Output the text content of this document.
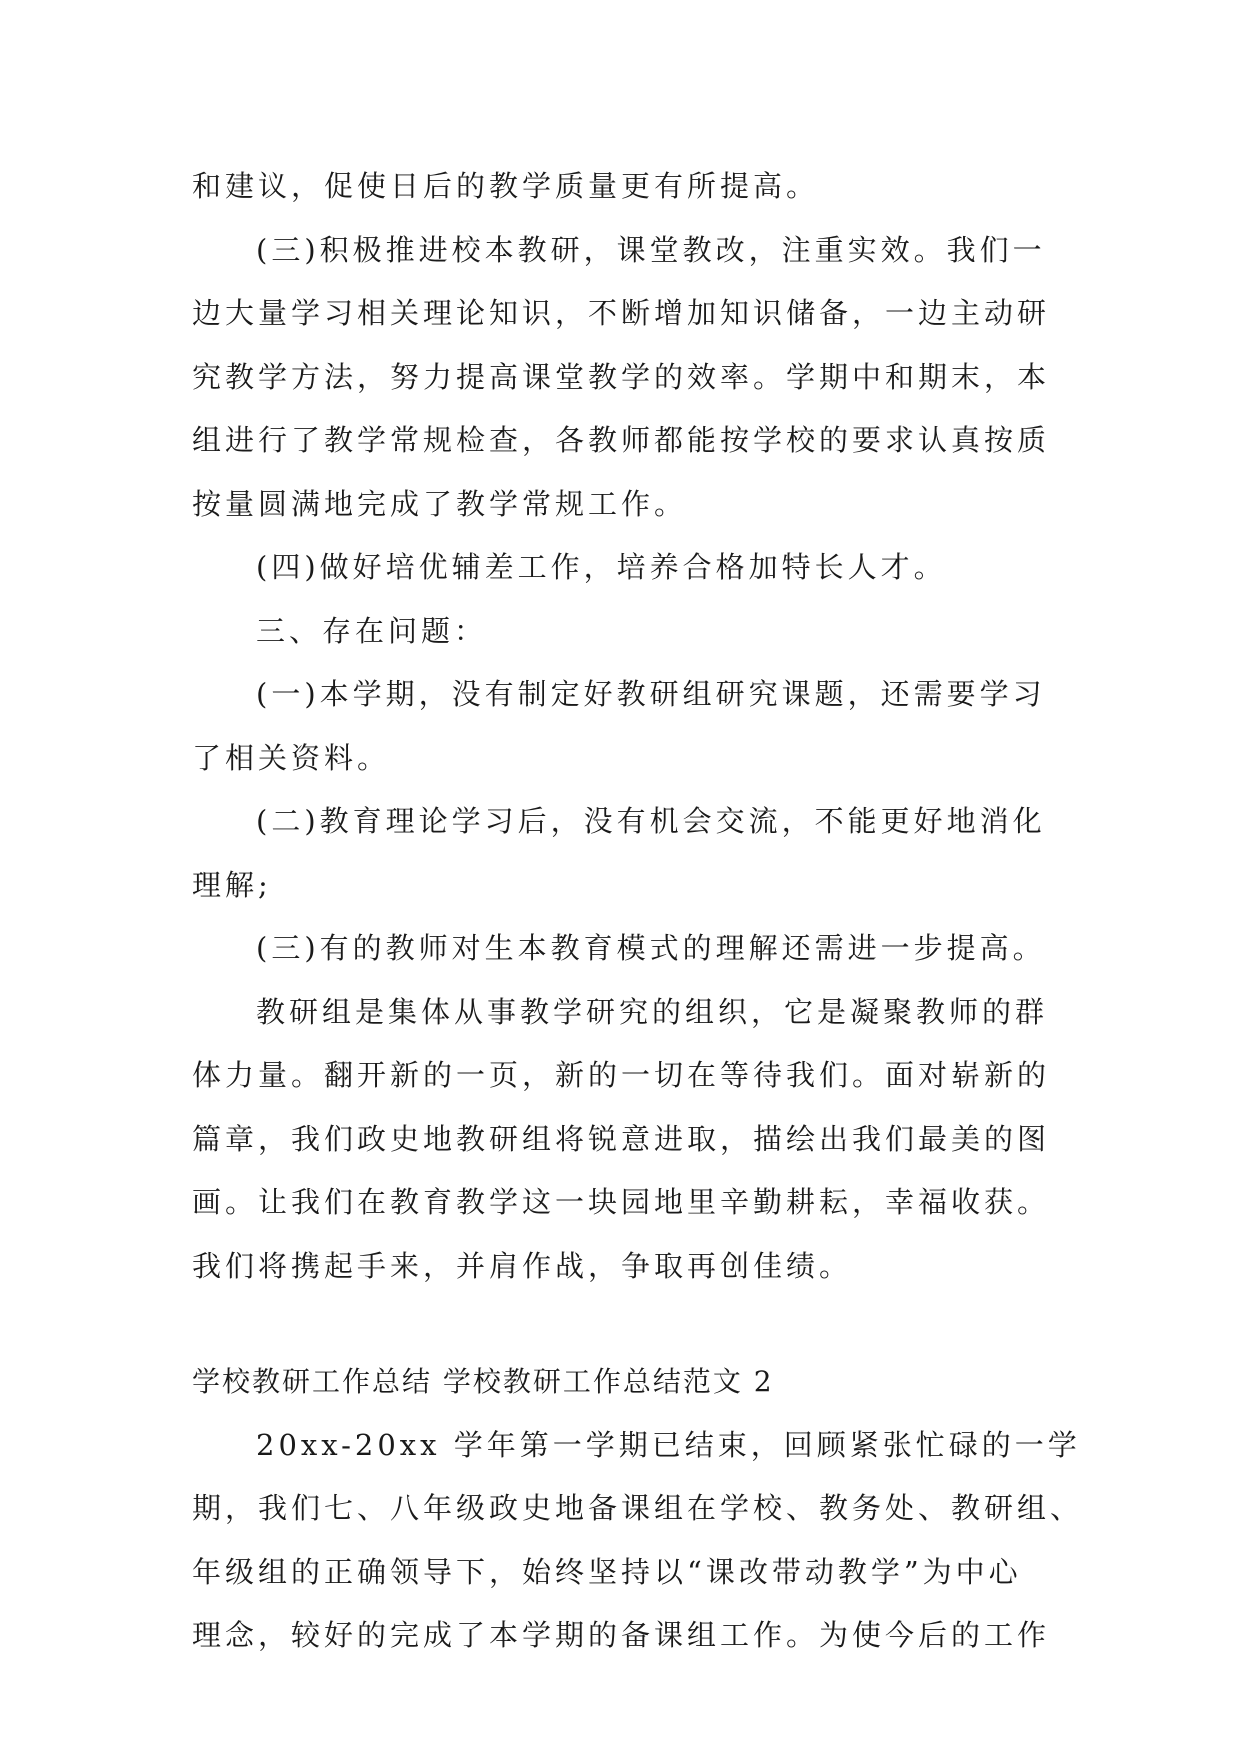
和建议，促使日后的教学质量更有所提高。
(三)积极推进校本教研，课堂教改，注重实效。我们一
边大量学习相关理论知识，不断增加知识储备，一边主动研
究教学方法，努力提高课堂教学的效率。学期中和期末，本
组进行了教学常规检查，各教师都能按学校的要求认真按质
按量圆满地完成了教学常规工作。
(四)做好培优辅差工作，培养合格加特长人才。
三、存在问题：
(一)本学期，没有制定好教研组研究课题，还需要学习
了相关资料。
(二)教育理论学习后，没有机会交流，不能更好地消化
理解;
(三)有的教师对生本教育模式的理解还需进一步提高。
教研组是集体从事教学研究的组织，它是凝聚教师的群
体力量。翻开新的一页，新的一切在等待我们。面对崭新的
篇章，我们政史地教研组将锐意进取，描绘出我们最美的图
画。让我们在教育教学这一块园地里辛勤耕耘，幸福收获。
我们将携起手来，并肩作战，争取再创佳绩。
学校教研工作总结 学校教研工作总结范文 2
20xx-20xx 学年第一学期已结束，回顾紧张忙碌的一学
期，我们七、八年级政史地备课组在学校、教务处、教研组、
年级组的正确领导下，始终坚持以“课改带动教学”为中心
理念，较好的完成了本学期的备课组工作。为使今后的工作
